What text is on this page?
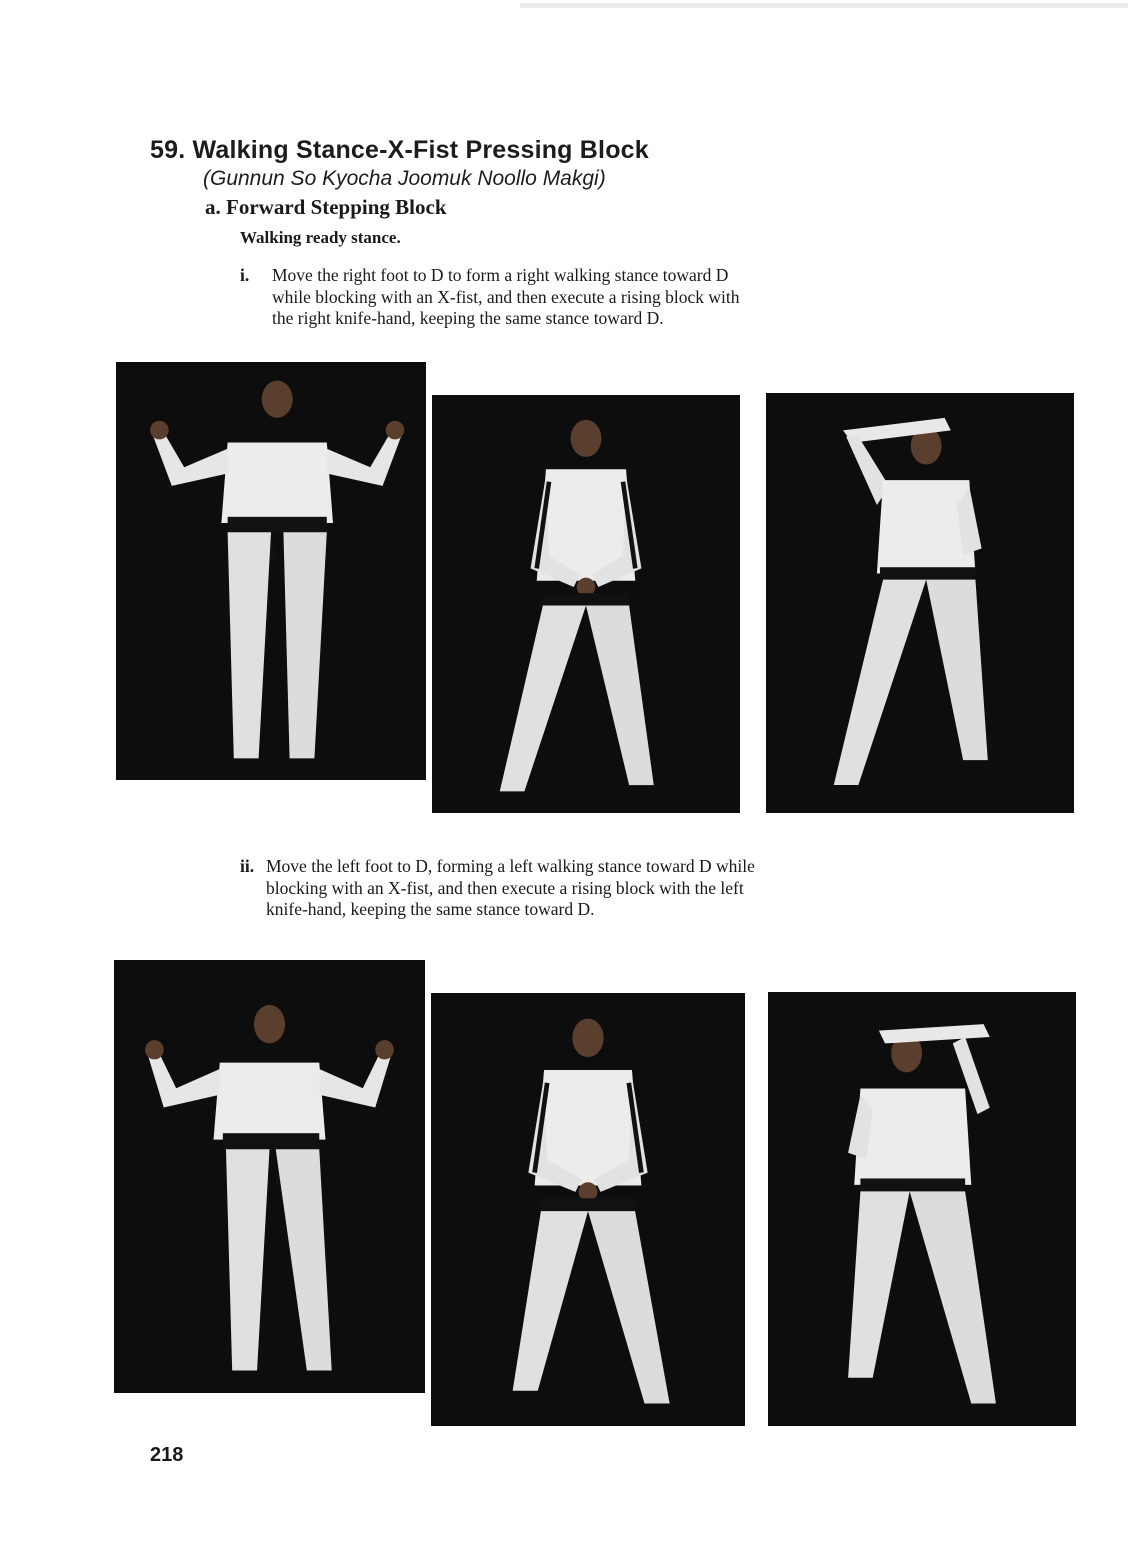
59. Walking Stance-X-Fist Pressing Block
(Gunnun So Kyocha Joomuk Noollo Makgi)
a. Forward Stepping Block
Walking ready stance.
i. Move the right foot to D to form a right walking stance toward D
while blocking with an X-fist, and then execute a rising block with
the right knife-hand, keeping the same stance toward D.
ii. Move the left foot to D, forming a left walking stance toward D while
blocking with an X-fist, and then execute a rising block with the left
knife-hand, keeping the same stance toward D.
218
